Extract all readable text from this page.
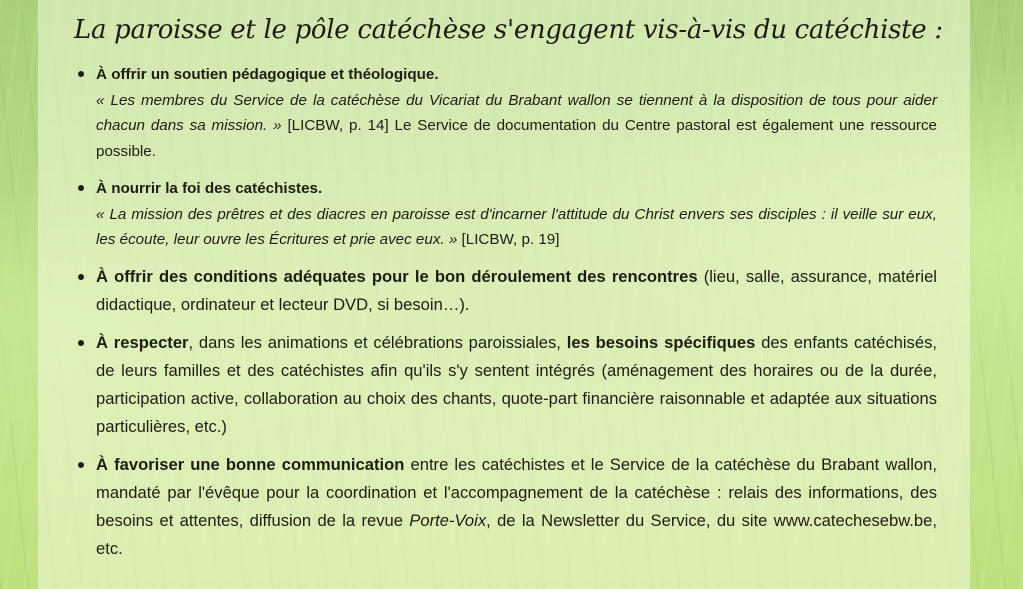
La paroisse et le pôle catéchèse s'engagent vis-à-vis du catéchiste :
À offrir un soutien pédagogique et théologique.
« Les membres du Service de la catéchèse du Vicariat du Brabant wallon se tiennent à la disposition de tous pour aider chacun dans sa mission. » [LICBW, p. 14] Le Service de documentation du Centre pastoral est également une ressource possible.
À nourrir la foi des catéchistes.
« La mission des prêtres et des diacres en paroisse est d'incarner l'attitude du Christ envers ses disciples : il veille sur eux, les écoute, leur ouvre les Écritures et prie avec eux. » [LICBW, p. 19]
À offrir des conditions adéquates pour le bon déroulement des rencontres (lieu, salle, assurance, matériel didactique, ordinateur et lecteur DVD, si besoin…).
À respecter, dans les animations et célébrations paroissiales, les besoins spécifiques des enfants catéchisés, de leurs familles et des catéchistes afin qu'ils s'y sentent intégrés (aménagement des horaires ou de la durée, participation active, collaboration au choix des chants, quote-part financière raisonnable et adaptée aux situations particulières, etc.)
À favoriser une bonne communication entre les catéchistes et le Service de la catéchèse du Brabant wallon, mandaté par l'évêque pour la coordination et l'accompagnement de la catéchèse : relais des informations, des besoins et attentes, diffusion de la revue Porte-Voix, de la Newsletter du Service, du site www.catechesebw.be, etc.
